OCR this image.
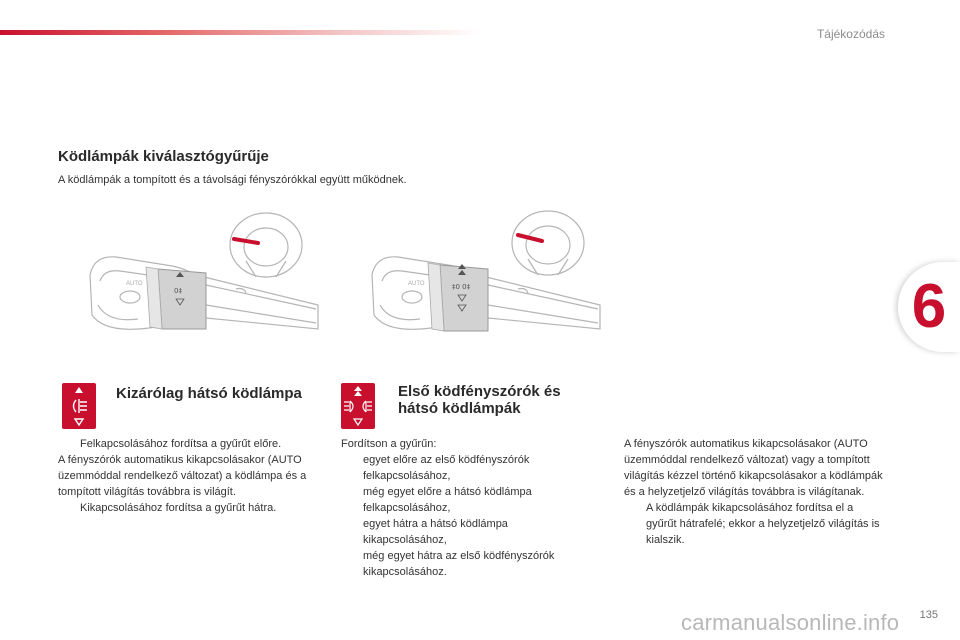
Tájékozódás
6
Ködlámpák kiválasztógyűrűje
A ködlámpák a tompított és a távolsági fényszórókkal együtt működnek.
AUTO
0‡
AUTO	‡0 0‡
Kizárólag hátsó ködlámpa

Felkapcsolásához fordítsa a gyűrűt előre.

A fényszórók automatikus kikapcsolásakor (AUTO üzemmóddal rendelkező változat) a ködlámpa és a tompított világítás továbbra is világít.

Kikapcsolásához fordítsa a gyűrűt hátra.

Első ködfényszórók és
hátsó ködlámpák

Fordítson a gyűrűn:

egyet előre az első ködfényszórók felkapcsolásához,

még egyet előre a hátsó ködlámpa felkapcsolásához,

egyet hátra a hátsó ködlámpa kikapcsolásához,

még egyet hátra az első ködfényszórók kikapcsolásához.

A fényszórók automatikus kikapcsolásakor (AUTO üzemmóddal rendelkező változat) vagy a tompított világítás kézzel történő kikapcsolásakor a ködlámpák és a helyzetjelző világítás továbbra is világítanak.

A ködlámpák kikapcsolásához fordítsa el a gyűrűt hátrafelé; ekkor a helyzetjelző világítás is kialszik.

carmanualsonline.info 135
